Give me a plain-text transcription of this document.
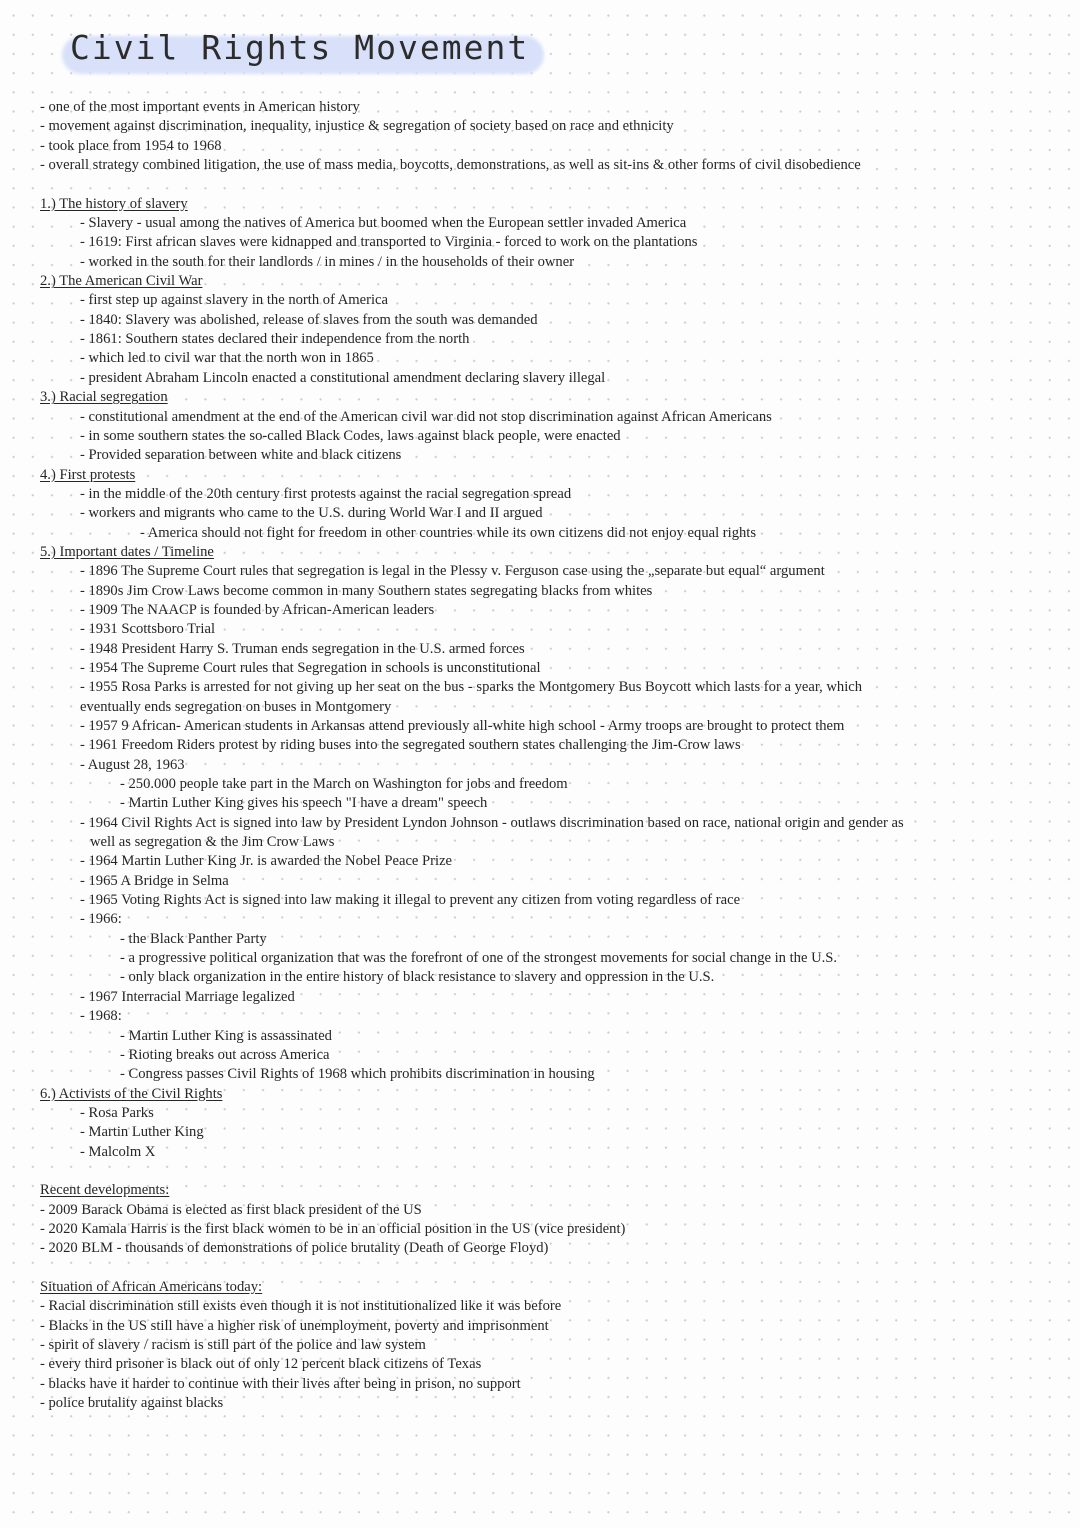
Civil Rights Movement
- one of the most important events in American history
- movement against discrimination, inequality, injustice & segregation of society based on race and ethnicity
- took place from 1954 to 1968
- overall strategy combined litigation, the use of mass media, boycotts, demonstrations, as well as sit-ins & other forms of civil disobedience
1.) The history of slavery
- Slavery - usual among the natives of America but boomed when the European settler invaded America
- 1619: First african slaves were kidnapped and transported to Virginia - forced to work on the plantations
- worked in the south for their landlords / in mines / in the households of their owner
2.) The American Civil War
- first step up against slavery in the north of America
- 1840: Slavery was abolished, release of slaves from the south was demanded
- 1861: Southern states declared their independence from the north
- which led to civil war that the north won in 1865
- president Abraham Lincoln enacted a constitutional amendment declaring slavery illegal
3.) Racial segregation
- constitutional amendment at the end of the American civil war did not stop discrimination against African Americans
- in some southern states the so-called Black Codes, laws against black people, were enacted
- Provided separation between white and black citizens
4.) First protests
- in the middle of the 20th century first protests against the racial segregation spread
- workers and migrants who came to the U.S. during World War I and II argued
- America should not fight for freedom in other countries while its own citizens did not enjoy equal rights
5.) Important dates / Timeline
- 1896 The Supreme Court rules that segregation is legal in the Plessy v. Ferguson case using the „separate but equal“ argument
- 1890s Jim Crow Laws become common in many Southern states segregating blacks from whites
- 1909 The NAACP is founded by African-American leaders
- 1931 Scottsboro Trial
- 1948 President Harry S. Truman ends segregation in the U.S. armed forces
- 1954 The Supreme Court rules that Segregation in schools is unconstitutional
- 1955 Rosa Parks is arrested for not giving up her seat on the bus - sparks the Montgomery Bus Boycott which lasts for a year, which
eventually ends segregation on buses in Montgomery
- 1957 9 African- American students in Arkansas attend previously all-white high school - Army troops are brought to protect them
- 1961 Freedom Riders protest by riding buses into the segregated southern states challenging the Jim-Crow laws
- August 28, 1963
- 250.000 people take part in the March on Washington for jobs and freedom
- Martin Luther King gives his speech "I have a dream" speech
- 1964 Civil Rights Act is signed into law by President Lyndon Johnson - outlaws discrimination based on race, national origin and gender as
well as segregation & the Jim Crow Laws
- 1964 Martin Luther King Jr. is awarded the Nobel Peace Prize
- 1965 A Bridge in Selma
- 1965 Voting Rights Act is signed into law making it illegal to prevent any citizen from voting regardless of race
- 1966:
- the Black Panther Party
- a progressive political organization that was the forefront of one of the strongest movements for social change in the U.S.
- only black organization in the entire history of black resistance to slavery and oppression in the U.S.
- 1967 Interracial Marriage legalized
- 1968:
- Martin Luther King is assassinated
- Rioting breaks out across America
- Congress passes Civil Rights of 1968 which prohibits discrimination in housing
6.) Activists of the Civil Rights
- Rosa Parks
- Martin Luther King
- Malcolm X
Recent developments:
- 2009 Barack Obama is elected as first black president of the US
- 2020 Kamala Harris is the first black women to be in an official position in the US (vice president)
- 2020 BLM - thousands of demonstrations of police brutality (Death of George Floyd)
Situation of African Americans today:
- Racial discrimination still exists even though it is not institutionalized like it was before
- Blacks in the US still have a higher risk of unemployment, poverty and imprisonment
- spirit of slavery / racism is still part of the police and law system
- every third prisoner is black out of only 12 percent black citizens of Texas
- blacks have it harder to continue with their lives after being in prison, no support
- police brutality against blacks
